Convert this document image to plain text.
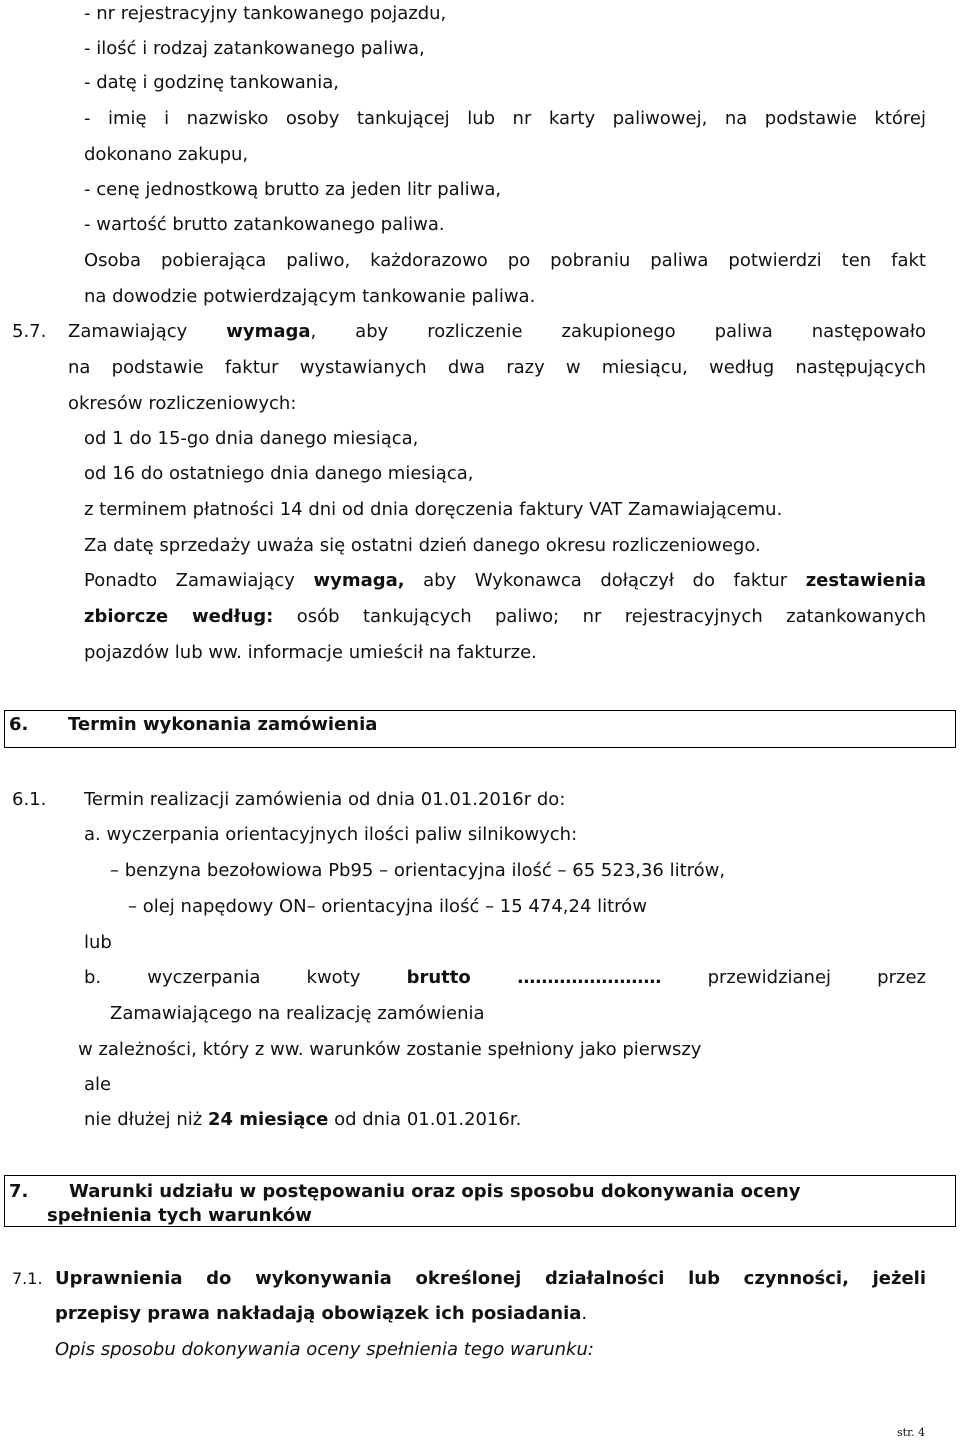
- nr rejestracyjny tankowanego pojazdu,
- ilość i rodzaj zatankowanego paliwa,
- datę i godzinę tankowania,
- imię i nazwisko osoby tankującej lub nr karty paliwowej, na podstawie której
dokonano zakupu,
- cenę jednostkową brutto za jeden litr paliwa,
- wartość brutto zatankowanego paliwa.
Osoba pobierająca paliwo, każdorazowo po pobraniu paliwa potwierdzi ten fakt
na dowodzie potwierdzającym tankowanie paliwa.
5.7. Zamawiający wymaga, aby rozliczenie zakupionego paliwa następowało
na podstawie faktur wystawianych dwa razy w miesiącu, według następujących
okresów rozliczeniowych:
od 1 do 15-go dnia danego miesiąca,
od 16 do ostatniego dnia danego miesiąca,
z terminem płatności 14 dni od dnia doręczenia faktury VAT Zamawiającemu.
Za datę sprzedaży uważa się ostatni dzień danego okresu rozliczeniowego.
Ponadto Zamawiający wymaga, aby Wykonawca dołączył do faktur zestawienia
zbiorcze według: osób tankujących paliwo; nr rejestracyjnych zatankowanych
pojazdów lub ww. informacje umieścił na fakturze.
6. Termin wykonania zamówienia
6.1. Termin realizacji zamówienia od dnia 01.01.2016r do:
a. wyczerpania orientacyjnych ilości paliw silnikowych:
– benzyna bezołowiowa Pb95 – orientacyjna ilość – 65 523,36 litrów,
– olej napędowy ON– orientacyjna ilość – 15 474,24 litrów
lub
b. wyczerpania kwoty	brutto ……………………	przewidzianej przez
Zamawiającego na realizację zamówienia
w zależności, który z ww. warunków zostanie spełniony jako pierwszy
ale
nie dłużej niż 24 miesiące od dnia 01.01.2016r.
7. Warunki udziału w postępowaniu oraz opis sposobu dokonywania oceny
spełnienia tych warunków
7.1. Uprawnienia do wykonywania określonej działalności lub czynności, jeżeli
przepisy prawa nakładają obowiązek ich posiadania.
Opis sposobu dokonywania oceny spełnienia tego warunku:
str. 4
